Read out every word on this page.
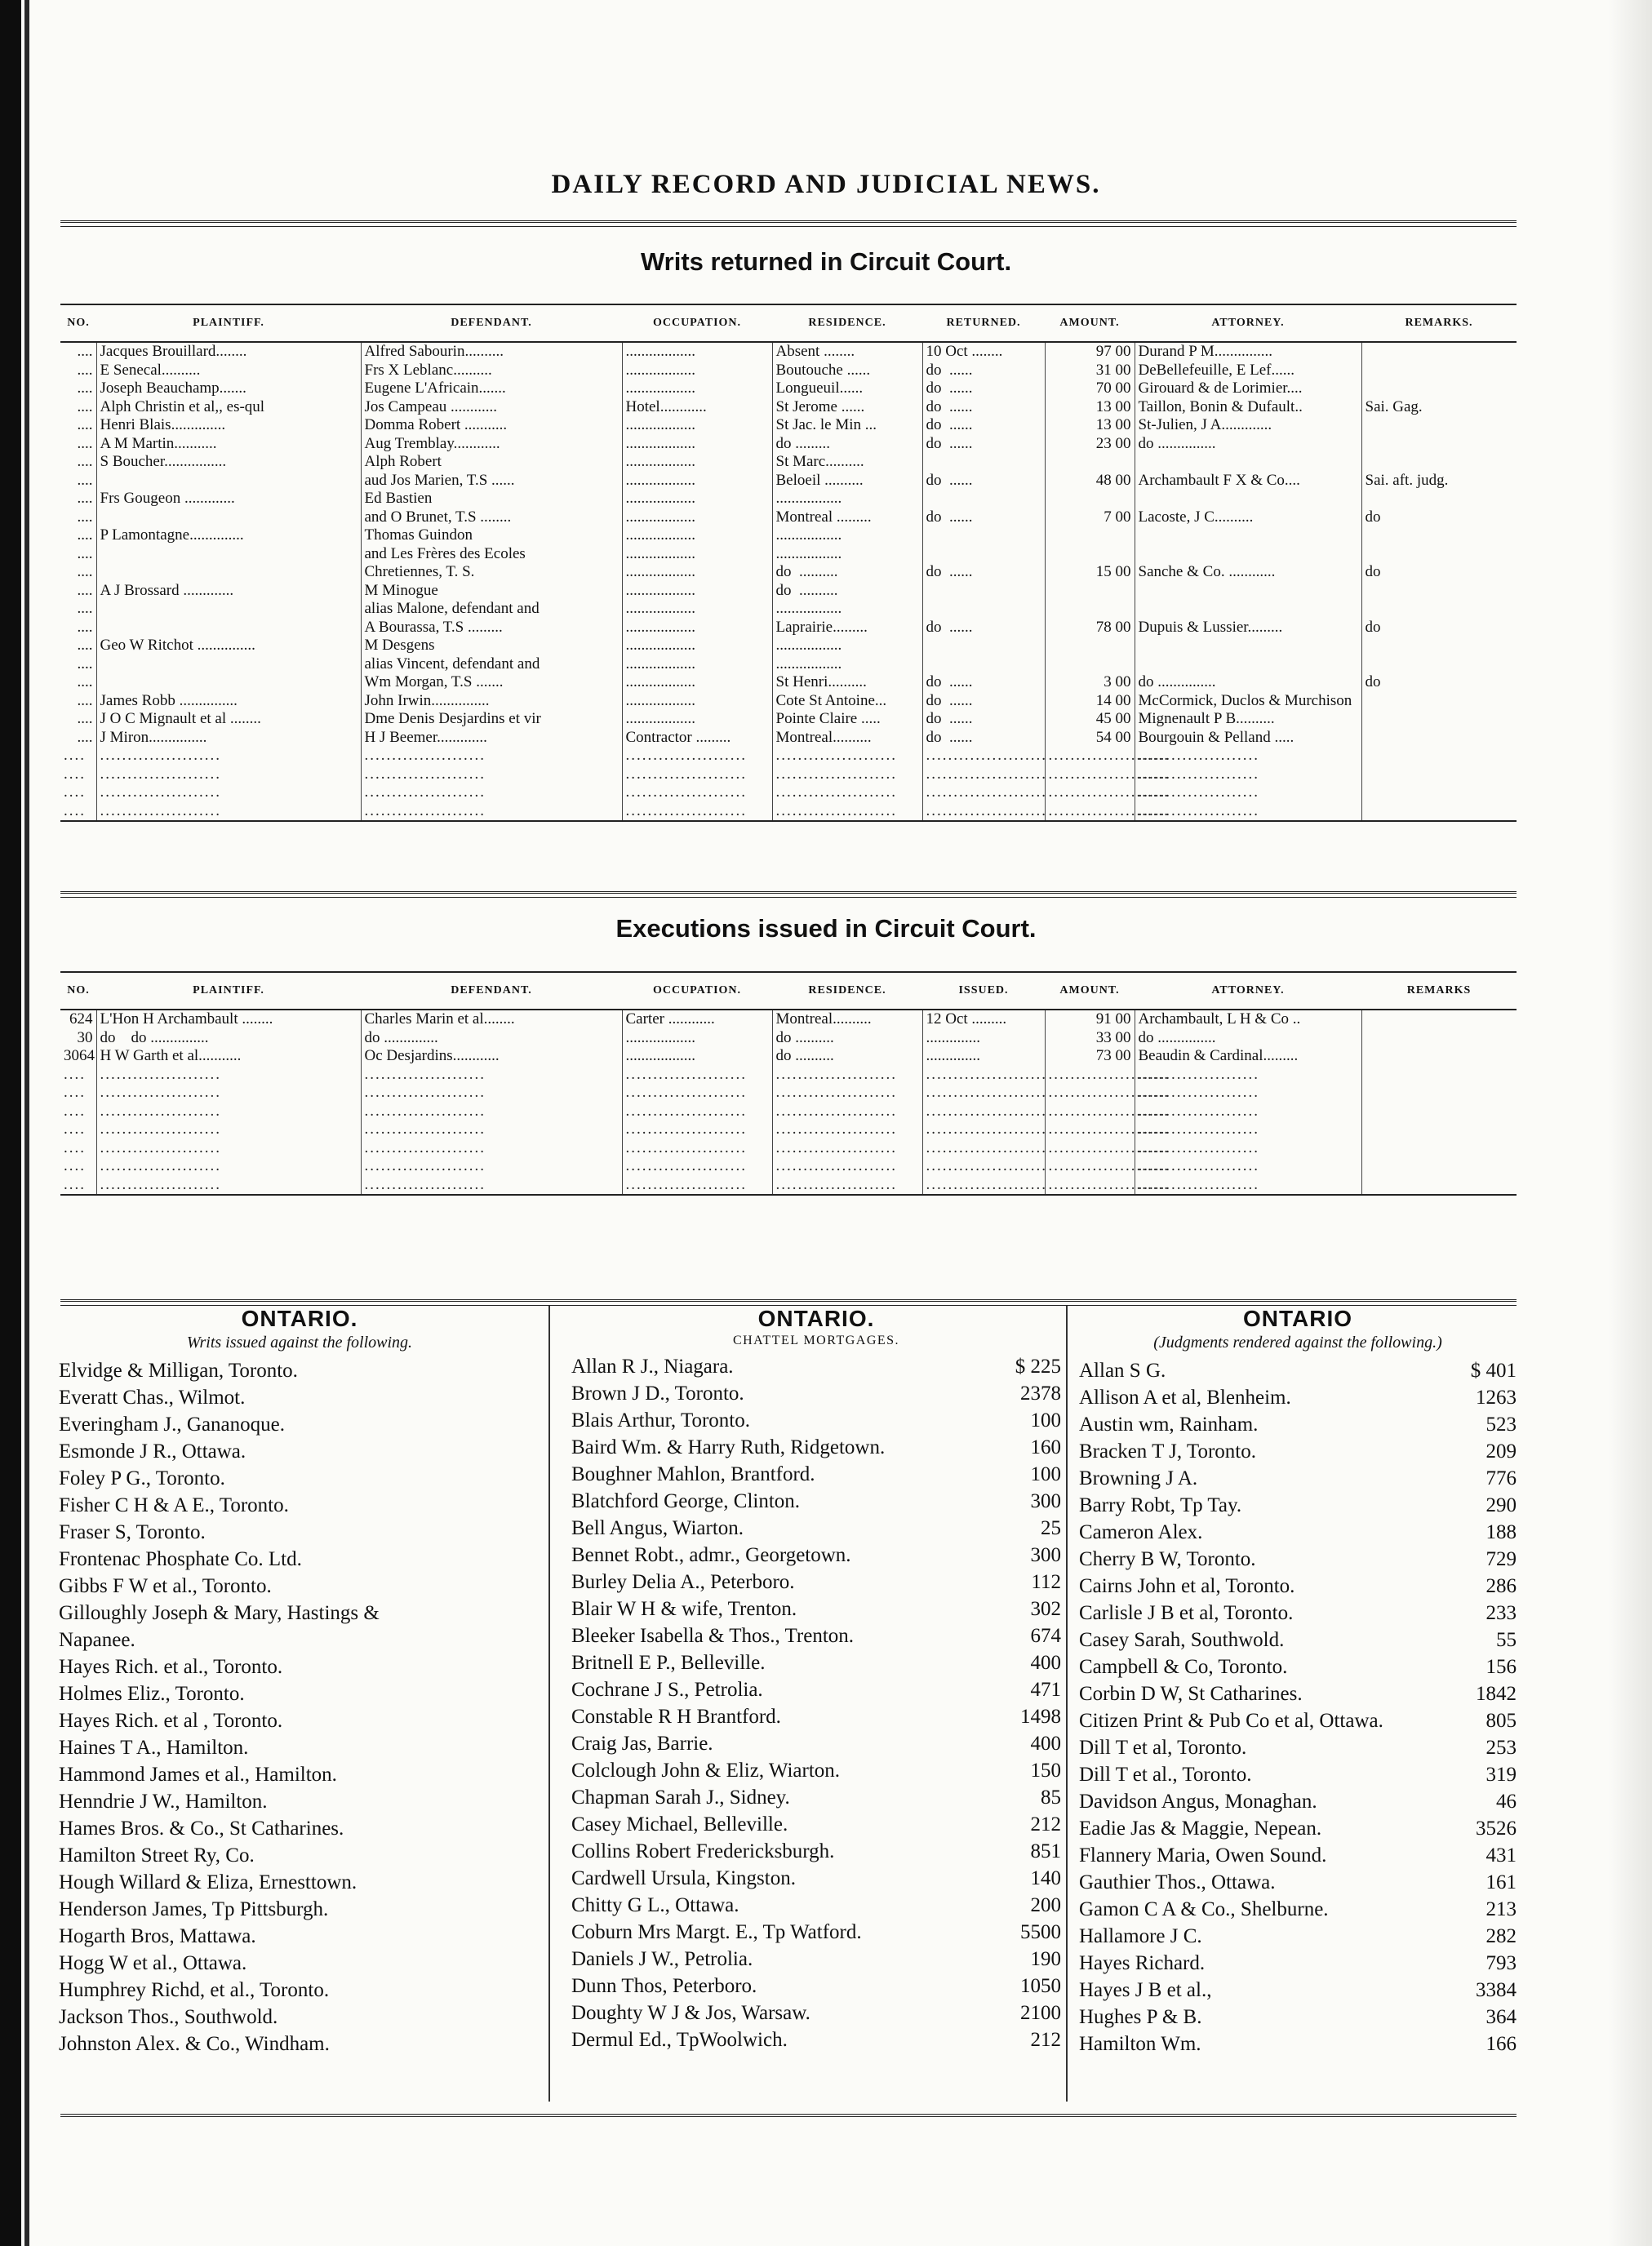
DAILY RECORD AND JUDICIAL NEWS.
Writs returned in Circuit Court.
NO.	PLAINTIFF.	DEFENDANT.	OCCUPATION.	RESIDENCE.	RETURNED.	AMOUNT.	ATTORNEY.	REMARKS.
....	Jacques Brouillard........	Alfred Sabourin..........	..................	Absent ........	10 Oct ........	97 00	Durand P M...............	
....	E Senecal..........	Frs X Leblanc..........	..................	Boutouche ......	do  ......	31 00	DeBellefeuille, E Lef......	
....	Joseph Beauchamp.......	Eugene L'Africain.......	..................	Longueuil......	do  ......	70 00	Girouard & de Lorimier....	
....	Alph Christin et al,, es-qul	Jos Campeau ............	Hotel............	St Jerome ......	do  ......	13 00	Taillon, Bonin & Dufault..	Sai. Gag.
....	Henri Blais..............	Domma Robert ...........	..................	St Jac. le Min ...	do  ......	13 00	St-Julien, J A.............	
....	A M Martin...........	Aug Tremblay............	..................	do .........	do  ......	23 00	do ...............	
....	S Boucher................	Alph Robert	..................	St Marc..........				
....		aud Jos Marien, T.S ......	..................	Beloeil ..........	do  ......	48 00	Archambault F X & Co....	Sai. aft. judg.
....	Frs Gougeon .............	Ed Bastien	..................	.................				
....		and O Brunet, T.S ........	..................	Montreal .........	do  ......	7 00	Lacoste, J C..........	do
....	P Lamontagne..............	Thomas Guindon	..................	.................				
....		and Les Frères des Ecoles	..................	.................				
....		Chretiennes, T. S.	..................	do  ..........	do  ......	15 00	Sanche & Co. ............	do
....	A J Brossard .............	M Minogue	..................	do  ..........				
....		alias Malone, defendant and	..................	.................				
....		A Bourassa, T.S .........	..................	Laprairie.........	do  ......	78 00	Dupuis & Lussier.........	do
....	Geo W Ritchot ...............	M Desgens	..................	.................				
....		alias Vincent, defendant and	..................	.................				
....		Wm Morgan, T.S .......	..................	St Henri..........	do  ......	3 00	do ...............	do
....	James Robb ...............	John Irwin...............	..................	Cote St Antoine...	do  ......	14 00	McCormick, Duclos & Murchison	
....	J O C Mignault et al ........	Dme Denis Desjardins et vir	..................	Pointe Claire .....	do  ......	45 00	Mignenault P B..........	
....	J Miron...............	H J Beemer.............	Contractor .........	Montreal..........	do  ......	54 00	Bourgouin & Pelland .....	
....	......................	......................	......................	......................	......................	......................	......................	
....	......................	......................	......................	......................	......................	......................	......................	
....	......................	......................	......................	......................	......................	......................	......................	
....	......................	......................	......................	......................	......................	......................	......................	
Executions issued in Circuit Court.
NO.	PLAINTIFF.	DEFENDANT.	OCCUPATION.	RESIDENCE.	ISSUED.	AMOUNT.	ATTORNEY.	REMARKS
624	L'Hon H Archambault ........	Charles Marin et al........	Carter ............	Montreal..........	12 Oct .........	91 00	Archambault, L H & Co ..	
30	do    do ...............	do ..............	..................	do ..........	..............	33 00	do ...............	
3064	H W Garth et al...........	Oc Desjardins............	..................	do ..........	..............	73 00	Beaudin & Cardinal.........	
....	......................	......................	......................	......................	......................	......................	......................	
....	......................	......................	......................	......................	......................	......................	......................	
....	......................	......................	......................	......................	......................	......................	......................	
....	......................	......................	......................	......................	......................	......................	......................	
....	......................	......................	......................	......................	......................	......................	......................	
....	......................	......................	......................	......................	......................	......................	......................	
....	......................	......................	......................	......................	......................	......................	......................	
ONTARIO.
Writs issued against the following.
Elvidge & Milligan, Toronto.
Everatt Chas., Wilmot.
Everingham J., Gananoque.
Esmonde J R., Ottawa.
Foley P G., Toronto.
Fisher C H & A E., Toronto.
Fraser S, Toronto.
Frontenac Phosphate Co. Ltd.
Gibbs F W et al., Toronto.
Gilloughly Joseph & Mary, Hastings &
Napanee.
Hayes Rich. et al., Toronto.
Holmes Eliz., Toronto.
Hayes Rich. et al , Toronto.
Haines T A., Hamilton.
Hammond James et al., Hamilton.
Henndrie J W., Hamilton.
Hames Bros. & Co., St Catharines.
Hamilton Street Ry, Co.
Hough Willard & Eliza, Ernesttown.
Henderson James, Tp Pittsburgh.
Hogarth Bros, Mattawa.
Hogg W et al., Ottawa.
Humphrey Richd, et al., Toronto.
Jackson Thos., Southwold.
Johnston Alex. & Co., Windham.
ONTARIO.
CHATTEL MORTGAGES.
Allan R J., Niagara.	$ 225
Brown J D., Toronto.	2378
Blais Arthur, Toronto.	100
Baird Wm. & Harry Ruth, Ridgetown.	160
Boughner Mahlon, Brantford.	100
Blatchford George, Clinton.	300
Bell Angus, Wiarton.	25
Bennet Robt., admr., Georgetown.	300
Burley Delia A., Peterboro.	112
Blair W H & wife, Trenton.	302
Bleeker Isabella & Thos., Trenton.	674
Britnell E P., Belleville.	400
Cochrane J S., Petrolia.	471
Constable R H Brantford.	1498
Craig Jas, Barrie.	400
Colclough John & Eliz, Wiarton.	150
Chapman Sarah J., Sidney.	85
Casey Michael, Belleville.	212
Collins Robert Fredericksburgh.	851
Cardwell Ursula, Kingston.	140
Chitty G L., Ottawa.	200
Coburn Mrs Margt. E., Tp Watford.	5500
Daniels J W., Petrolia.	190
Dunn Thos, Peterboro.	1050
Doughty W J & Jos, Warsaw.	2100
Dermul Ed., TpWoolwich.	212
ONTARIO
(Judgments rendered against the following.)
Allan S G.	$ 401
Allison A et al, Blenheim.	1263
Austin wm, Rainham.	523
Bracken T J, Toronto.	209
Browning J A.	776
Barry Robt, Tp Tay.	290
Cameron Alex.	188
Cherry B W, Toronto.	729
Cairns John et al, Toronto.	286
Carlisle J B et al, Toronto.	233
Casey Sarah, Southwold.	55
Campbell & Co, Toronto.	156
Corbin D W, St Catharines.	1842
Citizen Print & Pub Co et al, Ottawa.	805
Dill T et al, Toronto.	253
Dill T et al., Toronto.	319
Davidson Angus, Monaghan.	46
Eadie Jas & Maggie, Nepean.	3526
Flannery Maria, Owen Sound.	431
Gauthier Thos., Ottawa.	161
Gamon C A & Co., Shelburne.	213
Hallamore J C.	282
Hayes Richard.	793
Hayes J B et al.,	3384
Hughes P & B.	364
Hamilton Wm.	166
